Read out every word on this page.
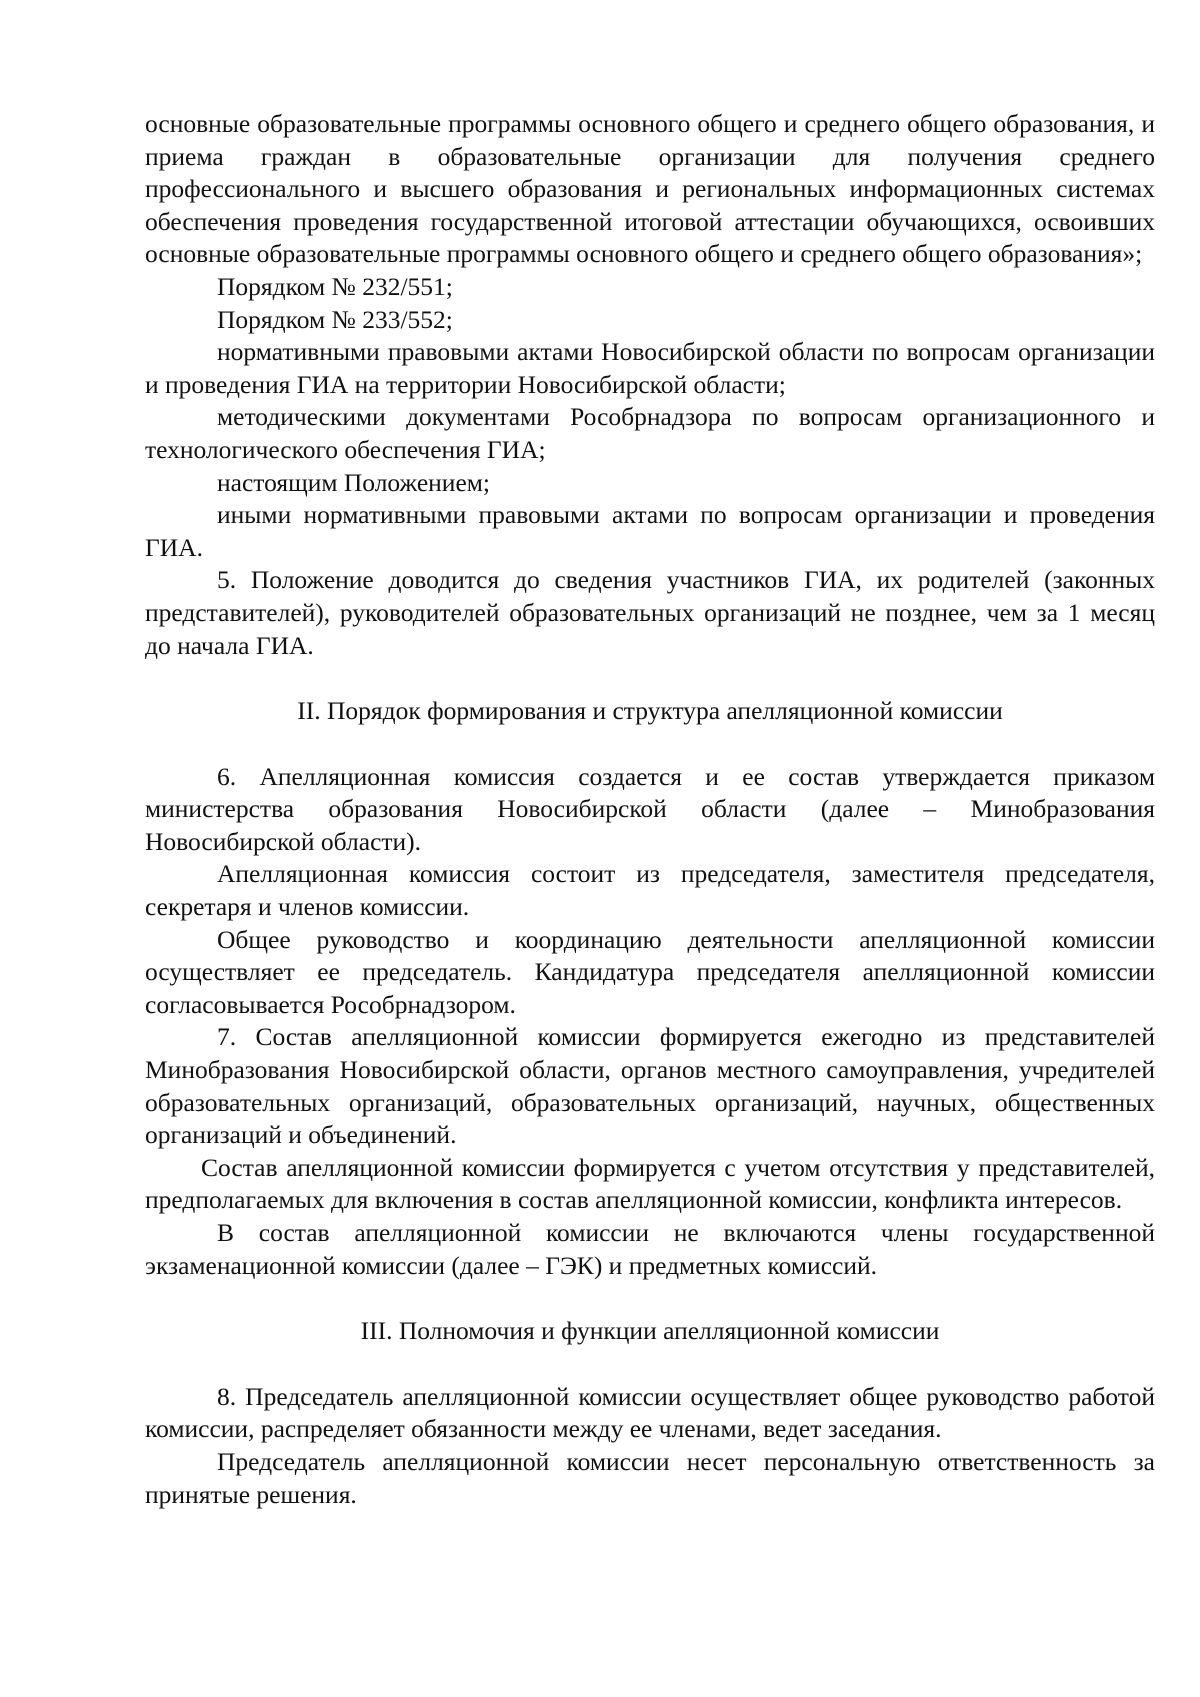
основные образовательные программы основного общего и среднего общего образования, и приема граждан в образовательные организации для получения среднего профессионального и высшего образования и региональных информационных системах обеспечения проведения государственной итоговой аттестации обучающихся, освоивших основные образовательные программы основного общего и среднего общего образования»;

Порядком № 232/551;

Порядком № 233/552;

нормативными правовыми актами Новосибирской области по вопросам организации и проведения ГИА на территории Новосибирской области;

методическими документами Рособрнадзора по вопросам организационного и технологического обеспечения ГИА;

настоящим Положением;

иными нормативными правовыми актами по вопросам организации и проведения ГИА.

5. Положение доводится до сведения участников ГИА, их родителей (законных представителей), руководителей образовательных организаций не позднее, чем за 1 месяц до начала ГИА.

II. Порядок формирования и структура апелляционной комиссии

6. Апелляционная комиссия создается и ее состав утверждается приказом министерства образования Новосибирской области (далее – Минобразования Новосибирской области).

Апелляционная комиссия состоит из председателя, заместителя председателя, секретаря и членов комиссии.

Общее руководство и координацию деятельности апелляционной комиссии осуществляет ее председатель. Кандидатура председателя апелляционной комиссии согласовывается Рособрнадзором.

7. Состав апелляционной комиссии формируется ежегодно из представителей Минобразования Новосибирской области, органов местного самоуправления, учредителей образовательных организаций, образовательных организаций, научных, общественных организаций и объединений.

Состав апелляционной комиссии формируется с учетом отсутствия у представителей, предполагаемых для включения в состав апелляционной комиссии, конфликта интересов.

В состав апелляционной комиссии не включаются члены государственной экзаменационной комиссии (далее – ГЭК) и предметных комиссий.

III. Полномочия и функции апелляционной комиссии

8. Председатель апелляционной комиссии осуществляет общее руководство работой комиссии, распределяет обязанности между ее членами, ведет заседания.

Председатель апелляционной комиссии несет персональную ответственность за принятые решения.
